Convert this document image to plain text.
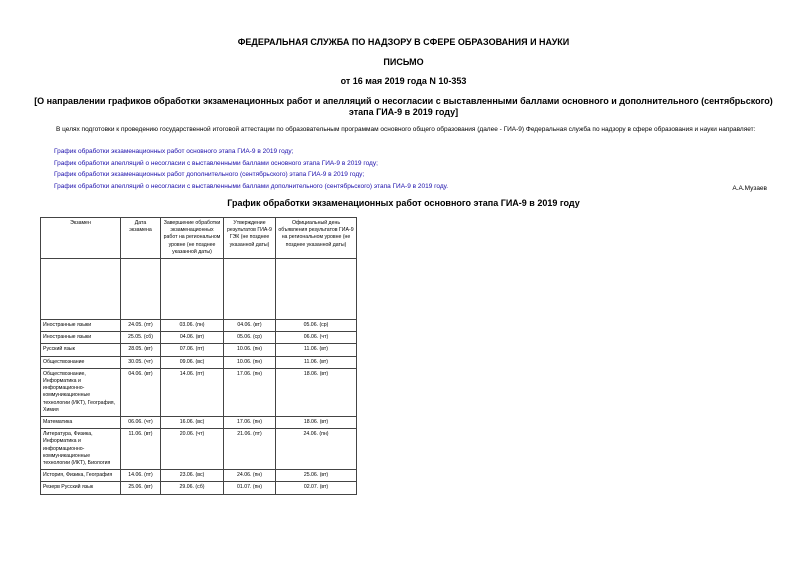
ФЕДЕРАЛЬНАЯ СЛУЖБА ПО НАДЗОРУ В СФЕРЕ ОБРАЗОВАНИЯ И НАУКИ
ПИСЬМО
от 16 мая 2019 года N 10-353
[О направлении графиков обработки экзаменационных работ и апелляций о несогласии с выставленными баллами основного и дополнительного (сентябрьского) этапа ГИА-9 в 2019 году]
В целях подготовки к проведению государственной итоговой аттестации по образовательным программам основного общего образования (далее - ГИА-9) Федеральная служба по надзору в сфере образования и науки направляет:
График обработки экзаменационных работ основного этапа ГИА-9 в 2019 году;
График обработки апелляций о несогласии с выставленными баллами основного этапа ГИА-9 в 2019 году;
График обработки экзаменационных работ дополнительного (сентябрьского) этапа ГИА-9 в 2019 году;
График обработки апелляций о несогласии с выставленными баллами дополнительного (сентябрьского) этапа ГИА-9 в 2019 году.	А.А.Музаев
График обработки экзаменационных работ основного этапа ГИА-9 в 2019 году
Экзамен	Дата экзамена	Завершение обработки экзаменационных работ на региональном уровне (не позднее указанной даты)	Утверждение результатов ГИА-9 ГЭК (не позднее указанной даты)	Официальный день объявления результатов ГИА-9 на региональном уровне (не позднее указанной даты)

Иностранные языки	24.05. (пт)	03.06. (пн)	04.06. (вт)	05.06. (ср)
Иностранные языки	25.05. (сб)	04.06. (вт)	05.06. (ср)	06.06. (чт)
Русский язык	28.05. (вт)	07.06. (пт)	10.06. (пн)	11.06. (вт)
Обществознание	30.05. (чт)	09.06. (вс)	10.06. (пн)	11.06. (вт)
Обществознание, Информатика и информационно-коммуникационные технологии (ИКТ), География, Химия	04.06. (вт)	14.06. (пт)	17.06. (пн)	18.06. (вт)
Математика	06.06. (чт)	16.06. (вс)	17.06. (пн)	18.06. (вт)
Литература, Физика, Информатика и информационно-коммуникационные технологии (ИКТ), Биология	11.06. (вт)	20.06. (чт)	21.06. (пт)	24.06. (пн)
История, Физика, География	14.06. (пт)	23.06. (вс)	24.06. (пн)	25.06. (вт)
Резерв Русский язык	25.06. (вт)	29.06. (сб)	01.07. (пн)	02.07. (вт)
